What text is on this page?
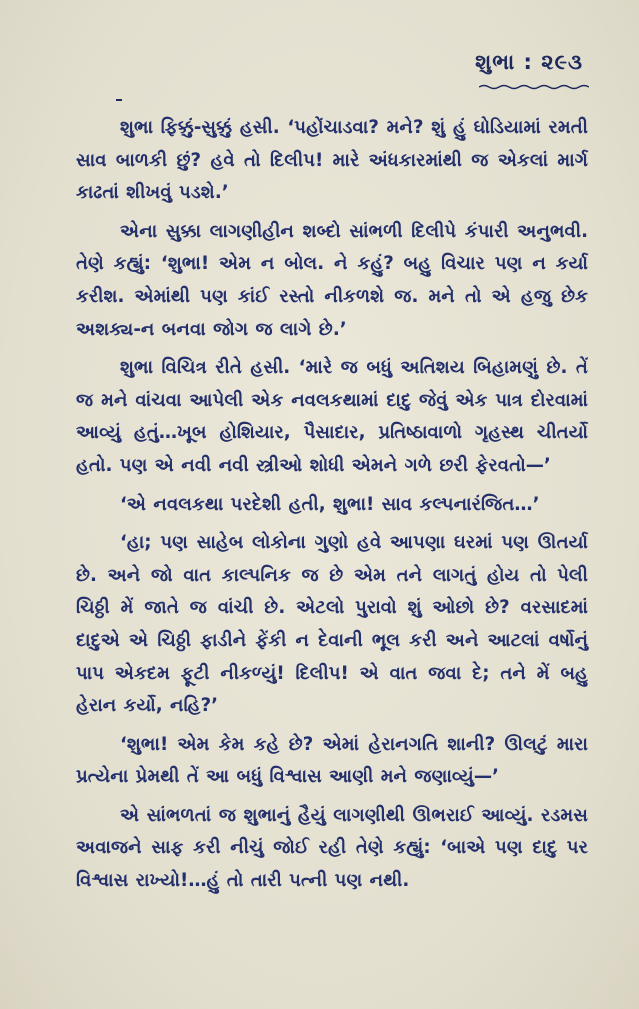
શુભા : ૨૯૩

શુભા ફિક્કું-સુક્કું હસી. ‘પહોંચાડવા? મને? શું હું ઘોડિયામાં રમતી સાવ બાળકી છું? હવે તો દિલીપ! મારે અંધકારમાંથી જ એકલાં માર્ગ કાઢતાં શીખવું પડશે.’

એના સુક્કા લાગણીહીન શબ્દો સાંભળી દિલીપે કંપારી અનુભવી. તેણે કહ્યું: ‘શુભા! એમ ન બોલ. ને કહું? બહુ વિચાર પણ ન કર્યા કરીશ. એમાંથી પણ કાંઈ રસ્તો નીકળશે જ. મને તો એ હજુ છેક અશક્ય-ન બનવા જોગ જ લાગે છે.’

શુભા વિચિત્ર રીતે હસી. ‘મારે જ બધું અતિશય બિહામણું છે. તેં જ મને વાંચવા આપેલી એક નવલકથામાં દાદુ જેવું એક પાત્ર દોરવામાં આવ્યું હતું…ખૂબ હોશિયાર, પૈસાદાર, પ્રતિષ્ઠાવાળો ગૃહસ્થ ચીતર્યો હતો. પણ એ નવી નવી સ્ત્રીઓ શોધી એમને ગળે છરી ફેરવતો—’

‘એ નવલકથા પરદેશી હતી, શુભા! સાવ કલ્પનારંજિત…’

‘હા; પણ સાહેબ લોકોના ગુણો હવે આપણા ઘરમાં પણ ઊતર્યા છે. અને જો વાત કાલ્પનિક જ છે એમ તને લાગતું હોય તો પેલી ચિઠ્ઠી મેં જાતે જ વાંચી છે. એટલો પુરાવો શું ઓછો છે? વરસાદમાં દાદુએ એ ચિઠ્ઠી ફાડીને ફેંકી ન દેવાની ભૂલ કરી અને આટલાં વર્ષોનું પાપ એકદમ ફૂટી નીકળ્યું! દિલીપ! એ વાત જવા દે; તને મેં બહુ હેરાન કર્યો, નહિ?’

‘શુભા! એમ કેમ કહે છે? એમાં હેરાનગતિ શાની? ઊલટું મારા પ્રત્યેના પ્રેમથી તેં આ બધું વિશ્વાસ આણી મને જણાવ્યું—’

એ સાંભળતાં જ શુભાનું હૈયું લાગણીથી ઊભરાઈ આવ્યું. રડમસ અવાજને સાફ કરી નીચું જોઈ રહી તેણે કહ્યું: ‘બાએ પણ દાદુ પર વિશ્વાસ રાખ્યો!…હું તો તારી પત્ની પણ નથી.
